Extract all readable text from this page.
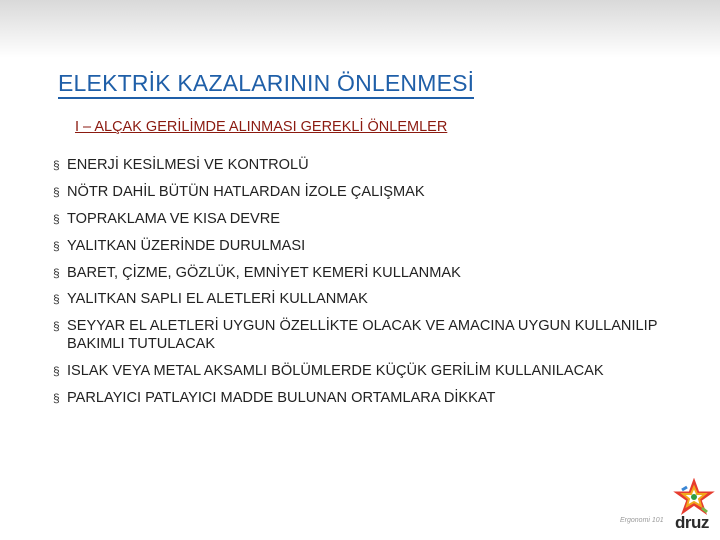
ELEKTRİK KAZALARININ ÖNLENMESİ
I – ALÇAK GERİLİMDE ALINMASI GEREKLİ ÖNLEMLER
§ ENERJİ KESİLMESİ VE KONTROLÜ
§ NÖTR DAHİL BÜTÜN HATLARDAN İZOLE ÇALIŞMAK
§ TOPRAKLAMA VE KISA DEVRE
§ YALITKAN ÜZERİNDE DURULMASI
§ BARET, ÇİZME, GÖZLÜK, EMNİYET KEMERİ KULLANMAK
§ YALITKAN SAPLI EL ALETLERİ KULLANMAK
§ SEYYAR EL ALETLERİ UYGUN ÖZELLİKTE OLACAK VE AMACINA UYGUN KULLANILIP BAKIMLI TUTULACAK
§ ISLAK VEYA METAL AKSAMLI BÖLÜMLERDE KÜÇÜK GERİLİM KULLANILACAK
§ PARLAYICI PATLAYICI MADDE BULUNAN ORTAMLARA DİKKAT
Ergonomi 101 druz
